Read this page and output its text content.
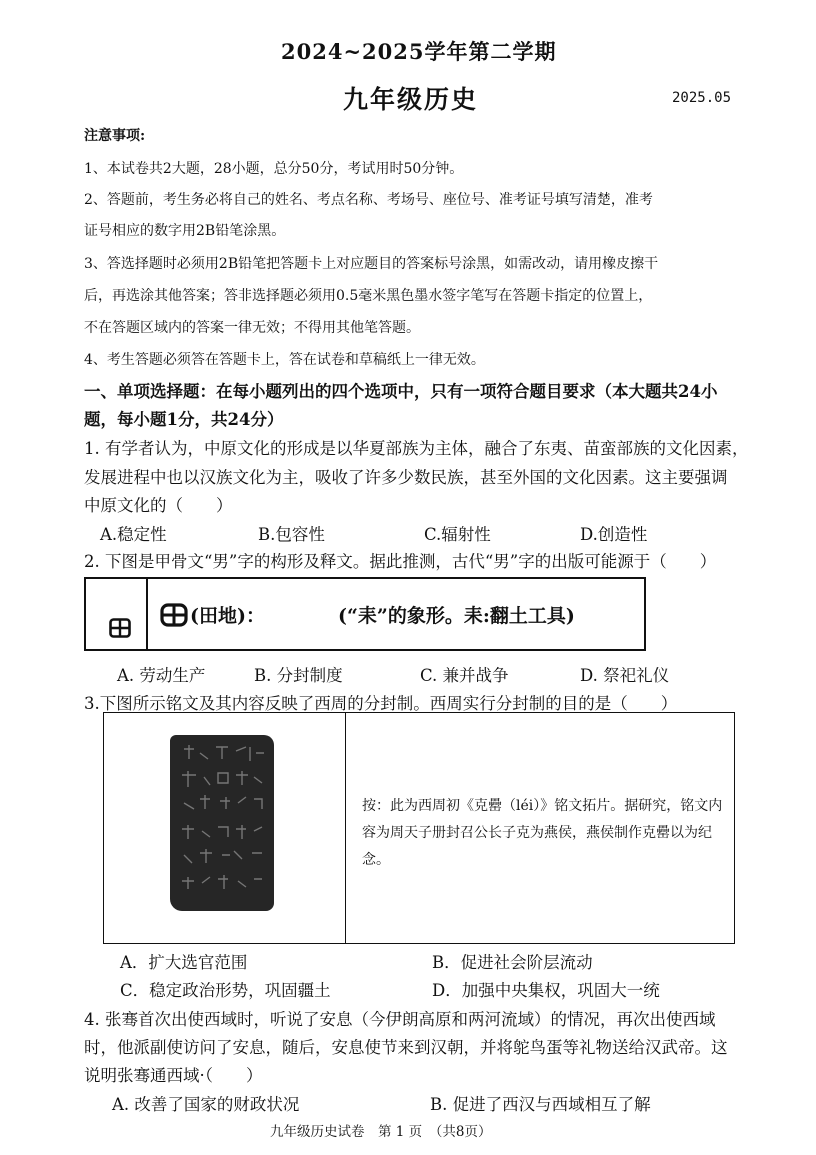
2024~2025学年第二学期
九年级历史	2025.05
注意事项:
1、本试卷共2大题，28小题，总分50分，考试用时50分钟。
2、答题前，考生务必将自己的姓名、考点名称、考场号、座位号、准考证号填写清楚，准考
证号相应的数字用2B铅笔涂黑。
3、答选择题时必须用2B铅笔把答题卡上对应题目的答案标号涂黑，如需改动，请用橡皮擦干
后，再选涂其他答案；答非选择题必须用0.5毫米黑色墨水签字笔写在答题卡指定的位置上，
不在答题区域内的答案一律无效；不得用其他笔答题。
4、考生答题必须答在答题卡上，答在试卷和草稿纸上一律无效。
一、单项选择题：在每小题列出的四个选项中，只有一项符合题目要求（本大题共24小
题，每小题1分，共24分）
1. 有学者认为，中原文化的形成是以华夏部族为主体，融合了东夷、苗蛮部族的文化因素，
发展进程中也以汉族文化为主，吸收了许多少数民族，甚至外国的文化因素。这主要强调
中原文化的（　　）
A.稳定性	B.包容性	C.辐射性	D.创造性
2. 下图是甲骨文“男”字的构形及释文。据此推测，古代“男”字的出版可能源于（　　）
(田地)：	(“耒”的象形。耒:翻土工具)
A. 劳动生产	B. 分封制度	C. 兼并战争	D. 祭祀礼仪
3.下图所示铭文及其内容反映了西周的分封制。西周实行分封制的目的是（　　）
按：此为西周初《克罍（léi）》铭文拓片。据研究，铭文内容为周天子册封召公长子克为燕侯，燕侯制作克罍以为纪念。
A．扩大选官范围	B．促进社会阶层流动
C．稳定政治形势，巩固疆土	D．加强中央集权，巩固大一统
4. 张骞首次出使西域时，听说了安息（今伊朗高原和两河流域）的情况，再次出使西域
时，他派副使访问了安息，随后，安息使节来到汉朝，并将鸵鸟蛋等礼物送给汉武帝。这
说明张骞通西域·（　　）
A. 改善了国家的财政状况	B. 促进了西汉与西域相互了解
九年级历史试卷　第 1 页　（共8页）
